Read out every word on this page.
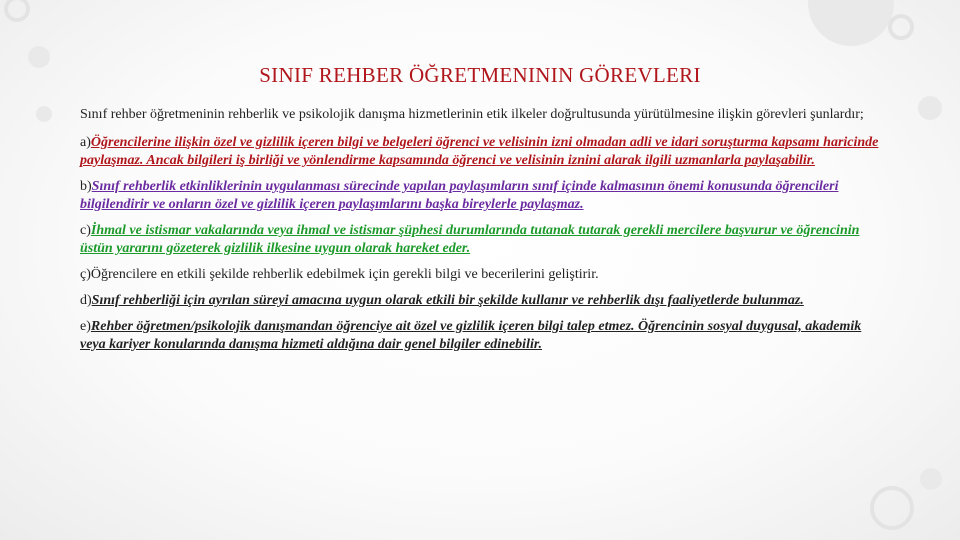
SINIF REHBER ÖĞRETMENININ GÖREVLERI

Sınıf rehber öğretmeninin rehberlik ve psikolojik danışma hizmetlerinin etik ilkeler doğrultusunda yürütülmesine ilişkin görevleri şunlardır;

a)Öğrencilerine ilişkin özel ve gizlilik içeren bilgi ve belgeleri öğrenci ve velisinin izni olmadan adli ve idari soruşturma kapsamı haricinde paylaşmaz. Ancak bilgileri iş birliği ve yönlendirme kapsamında öğrenci ve velisinin iznini alarak ilgili uzmanlarla paylaşabilir.

b)Sınıf rehberlik etkinliklerinin uygulanması sürecinde yapılan paylaşımların sınıf içinde kalmasının önemi konusunda öğrencileri bilgilendirir ve onların özel ve gizlilik içeren paylaşımlarını başka bireylerle paylaşmaz.

c)İhmal ve istismar vakalarında veya ihmal ve istismar şüphesi durumlarında tutanak tutarak gerekli mercilere başvurur ve öğrencinin üstün yararını gözeterek gizlilik ilkesine uygun olarak hareket eder.

ç)Öğrencilere en etkili şekilde rehberlik edebilmek için gerekli bilgi ve becerilerini geliştirir.

d)Sınıf rehberliği için ayrılan süreyi amacına uygun olarak etkili bir şekilde kullanır ve rehberlik dışı faaliyetlerde bulunmaz.

e)Rehber öğretmen/psikolojik danışmandan öğrenciye ait özel ve gizlilik içeren bilgi talep etmez. Öğrencinin sosyal duygusal, akademik veya kariyer konularında danışma hizmeti aldığına dair genel bilgiler edinebilir.
